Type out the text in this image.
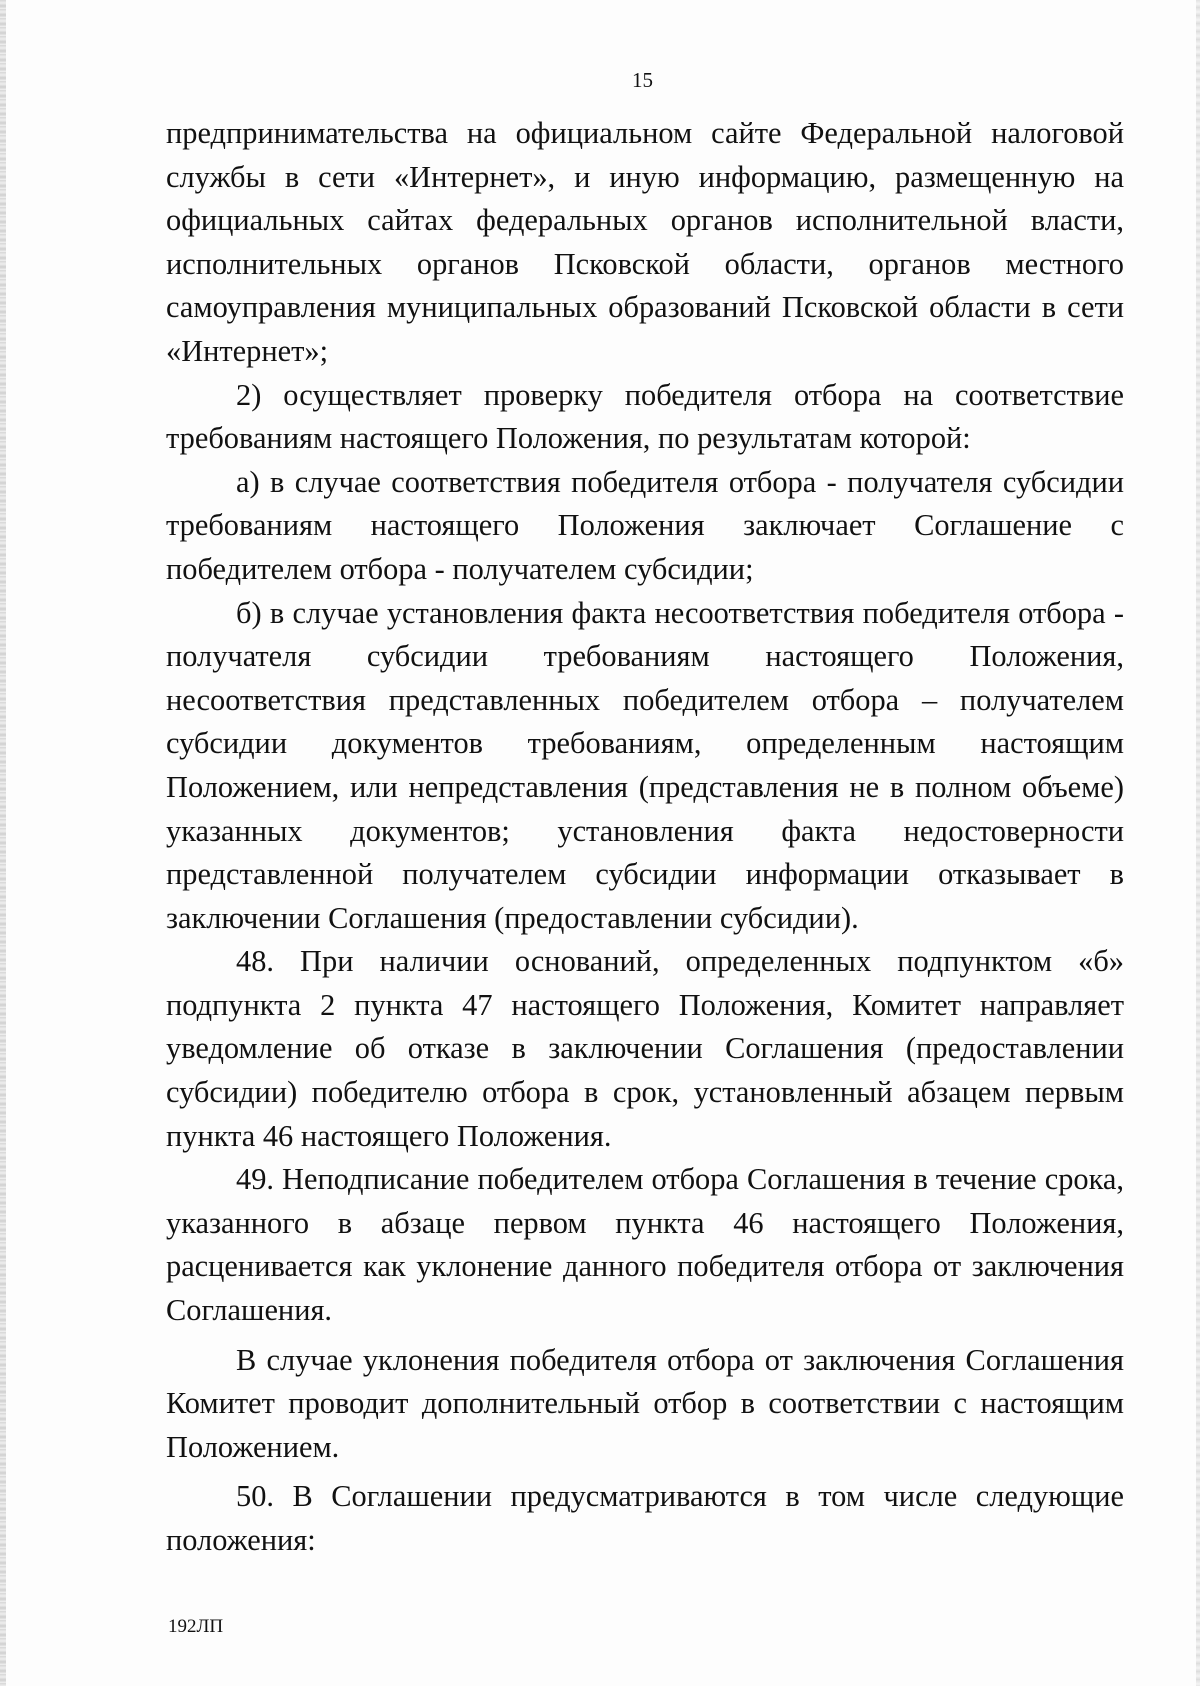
15

предпринимательства на официальном сайте Федеральной налоговой службы в сети «Интернет», и иную информацию, размещенную на официальных сайтах федеральных органов исполнительной власти, исполнительных органов Псковской области, органов местного самоуправления муниципальных образований Псковской области в сети «Интернет»;

2) осуществляет проверку победителя отбора на соответствие требованиям настоящего Положения, по результатам которой:

а) в случае соответствия победителя отбора - получателя субсидии требованиям настоящего Положения заключает Соглашение с победителем отбора - получателем субсидии;

б) в случае установления факта несоответствия победителя отбора - получателя субсидии требованиям настоящего Положения, несоответствия представленных победителем отбора – получателем субсидии документов требованиям, определенным настоящим Положением, или непредставления (представления не в полном объеме) указанных документов; установления факта недостоверности представленной получателем субсидии информации отказывает в заключении Соглашения (предоставлении субсидии).

48. При наличии оснований, определенных подпунктом «б» подпункта 2 пункта 47 настоящего Положения, Комитет направляет уведомление об отказе в заключении Соглашения (предоставлении субсидии) победителю отбора в срок, установленный абзацем первым пункта 46 настоящего Положения.

49. Неподписание победителем отбора Соглашения в течение срока, указанного в абзаце первом пункта 46 настоящего Положения, расценивается как уклонение данного победителя отбора от заключения Соглашения.

В случае уклонения победителя отбора от заключения Соглашения Комитет проводит дополнительный отбор в соответствии с настоящим Положением.

50. В Соглашении предусматриваются в том числе следующие положения:

192ЛП
